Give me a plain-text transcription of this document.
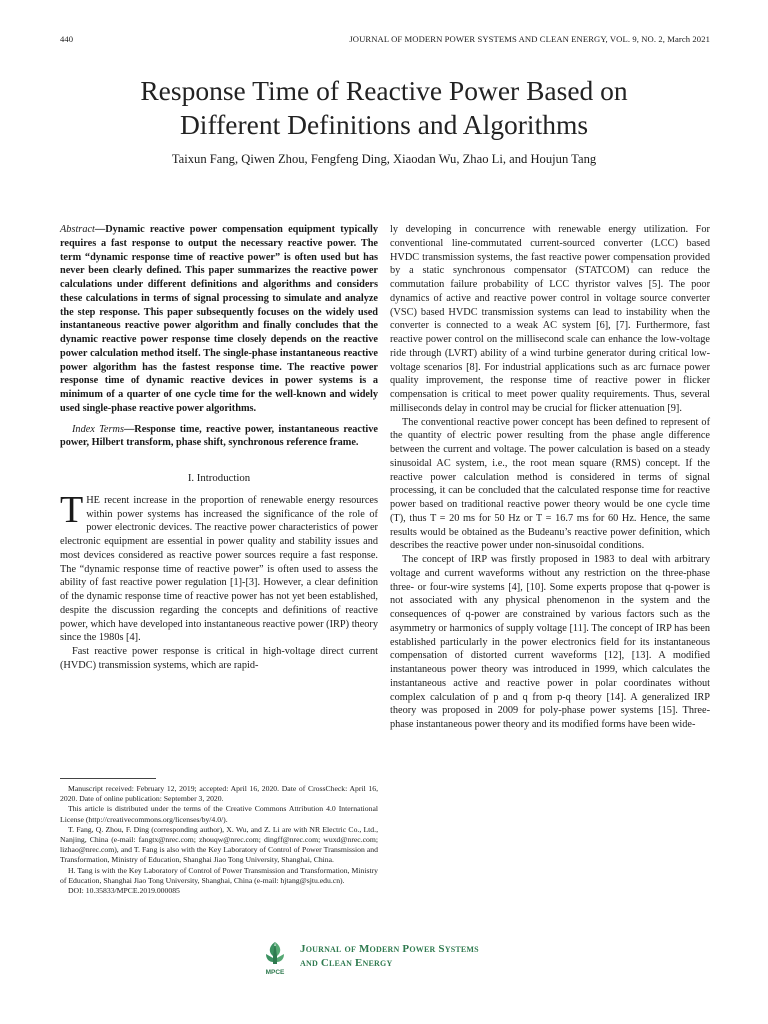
440	JOURNAL OF MODERN POWER SYSTEMS AND CLEAN ENERGY, VOL. 9, NO. 2, March 2021
Response Time of Reactive Power Based on
Different Definitions and Algorithms
Taixun Fang, Qiwen Zhou, Fengfeng Ding, Xiaodan Wu, Zhao Li, and Houjun Tang

Abstract—Dynamic reactive power compensation equipment typically requires a fast response to output the necessary reactive power. The term “dynamic response time of reactive power” is often used but has never been clearly defined. This paper summarizes the reactive power calculations under different definitions and algorithms and considers these calculations in terms of signal processing to simulate and analyze the step response. This paper subsequently focuses on the widely used instantaneous reactive power algorithm and finally concludes that the dynamic reactive power response time closely depends on the reactive power calculation method itself. The single-phase instantaneous reactive power algorithm has the fastest response time. The reactive power response time of dynamic reactive devices in power systems is a minimum of a quarter of one cycle time for the well-known and widely used single-phase reactive power algorithms.

Index Terms—Response time, reactive power, instantaneous reactive power, Hilbert transform, phase shift, synchronous reference frame.

I. Introduction

THE recent increase in the proportion of renewable energy resources within power systems has increased the significance of the role of power electronic devices. The reactive power characteristics of power electronic equipment are essential in power quality and stability issues and most devices considered as reactive power sources require a fast response. The “dynamic response time of reactive power” is often used to assess the ability of fast reactive power regulation [1]-[3]. However, a clear definition of the dynamic response time of reactive power has not yet been established, despite the discussion regarding the concepts and definitions of reactive power, which have developed into instantaneous reactive power (IRP) theory since the 1980s [4].

Fast reactive power response is critical in high-voltage direct current (HVDC) transmission systems, which are rapid-

ly developing in concurrence with renewable energy utilization. For conventional line-commutated current-sourced converter (LCC) based HVDC transmission systems, the fast reactive power compensation provided by a static synchronous compensator (STATCOM) can reduce the commutation failure probability of LCC thyristor valves [5]. The poor dynamics of active and reactive power control in voltage source converter (VSC) based HVDC transmission systems can lead to instability when the converter is connected to a weak AC system [6], [7]. Furthermore, fast reactive power control on the millisecond scale can enhance the low-voltage ride through (LVRT) ability of a wind turbine generator during critical low-voltage scenarios [8]. For industrial applications such as arc furnace power quality improvement, the response time of reactive power in flicker compensation is critical to meet power quality requirements. Thus, several milliseconds delay in control may be crucial for flicker attenuation [9].

The conventional reactive power concept has been defined to represent of the quantity of electric power resulting from the phase angle difference between the current and voltage. The power calculation is based on a steady sinusoidal AC system, i.e., the root mean square (RMS) concept. If the reactive power calculation method is considered in terms of signal processing, it can be concluded that the calculated response time for reactive power based on traditional reactive power theory would be one cycle time (T), thus T = 20 ms for 50 Hz or T = 16.7 ms for 60 Hz. Hence, the same results would be obtained as the Budeanu’s reactive power definition, which describes the reactive power under non-sinusoidal conditions.

The concept of IRP was firstly proposed in 1983 to deal with arbitrary voltage and current waveforms without any restriction on the three-phase three- or four-wire systems [4], [10]. Some experts propose that q-power is not associated with any physical phenomenon in the system and the consequences of q-power are constrained by various factors such as the asymmetry or harmonics of supply voltage [11]. The concept of IRP has been established particularly in the power electronics field for its instantaneous compensation of distorted current waveforms [12], [13]. A modified instantaneous power theory was introduced in 1999, which calculates the instantaneous active and reactive power in polar coordinates without complex calculation of p and q from p-q theory [14]. A generalized IRP theory was proposed in 2009 for poly-phase power systems [15]. Three-phase instantaneous power theory and its modified forms have been wide-

Manuscript received: February 12, 2019; accepted: April 16, 2020. Date of CrossCheck: April 16, 2020. Date of online publication: September 3, 2020.

This article is distributed under the terms of the Creative Commons Attribution 4.0 International License (http://creativecommons.org/licenses/by/4.0/).

T. Fang, Q. Zhou, F. Ding (corresponding author), X. Wu, and Z. Li are with NR Electric Co., Ltd., Nanjing, China (e-mail: fangtx@nrec.com; zhouqw@nrec.com; dingff@nrec.com; wuxd@nrec.com; lizhao@nrec.com), and T. Fang is also with the Key Laboratory of Control of Power Transmission and Transformation, Ministry of Education, Shanghai Jiao Tong University, Shanghai, China.

H. Tang is with the Key Laboratory of Control of Power Transmission and Transformation, Ministry of Education, Shanghai Jiao Tong University, Shanghai, China (e-mail: hjtang@sjtu.edu.cn).

DOI: 10.35833/MPCE.2019.000085

MPCE
Journal of Modern Power Systems
and Clean Energy
